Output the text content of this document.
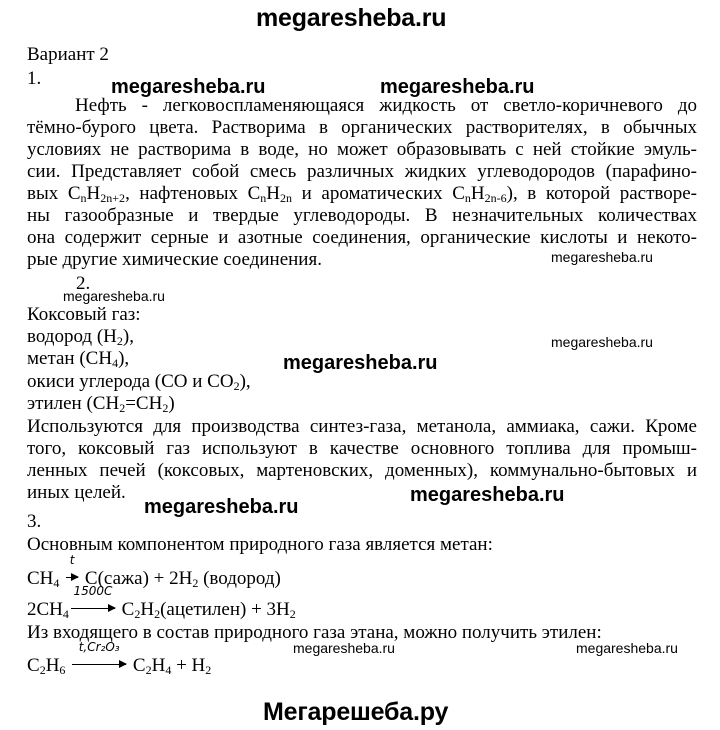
megaresheba.ru
Вариант 2
1.	megaresheba.ru	megaresheba.ru
Нефть - легковоспламеняющаяся жидкость от светло-коричневого до
тёмно-бурого цвета. Растворима в органических растворителях, в обычных
условиях не растворима в воде, но может образовывать с ней стойкие эмуль-
сии. Представляет собой смесь различных жидких углеводородов (парафино-
вых $C_nH_{2n+2}$, нафтеновых $C_nH_{2n}$ и ароматических $C_nH_{2n-6}$), в которой растворе-
ны газообразные и твердые углеводороды. В незначительных количествах
она содержит серные и азотные соединения, органические кислоты и некото-
рые другие химические соединения.	megaresheba.ru
2.
megaresheba.ru
Коксовый газ:
водород $(H_2)$,
метан $(CH_4)$,
окиси углерода (CO и $CO_2$),
этилен $(CH_2=CH_2)$
megaresheba.ru
megaresheba.ru
Используются для производства синтез-газа, метанола, аммиака, сажи. Кроме
того, коксовый газ используют в качестве основного топлива для промыш-
ленных печей (коксовых, мартеновских, доменных), коммунально-бытовых и
иных целей.
megaresheba.ru
megaresheba.ru
3.
Основным компонентом природного газа является метан:
$CH_4$
t
C(сажа) + $2H_2$ (водород)
$2CH_4$
1500C
$C_2H_2(ацетилен) + 3H_2$
Из входящего в состав природного газа этана, можно получить этилен:
$C_2H_6$
t,Cr₂O₃
$C_2H_4 + H_2$
megaresheba.ru	megaresheba.ru
Мегарешеба.ру
